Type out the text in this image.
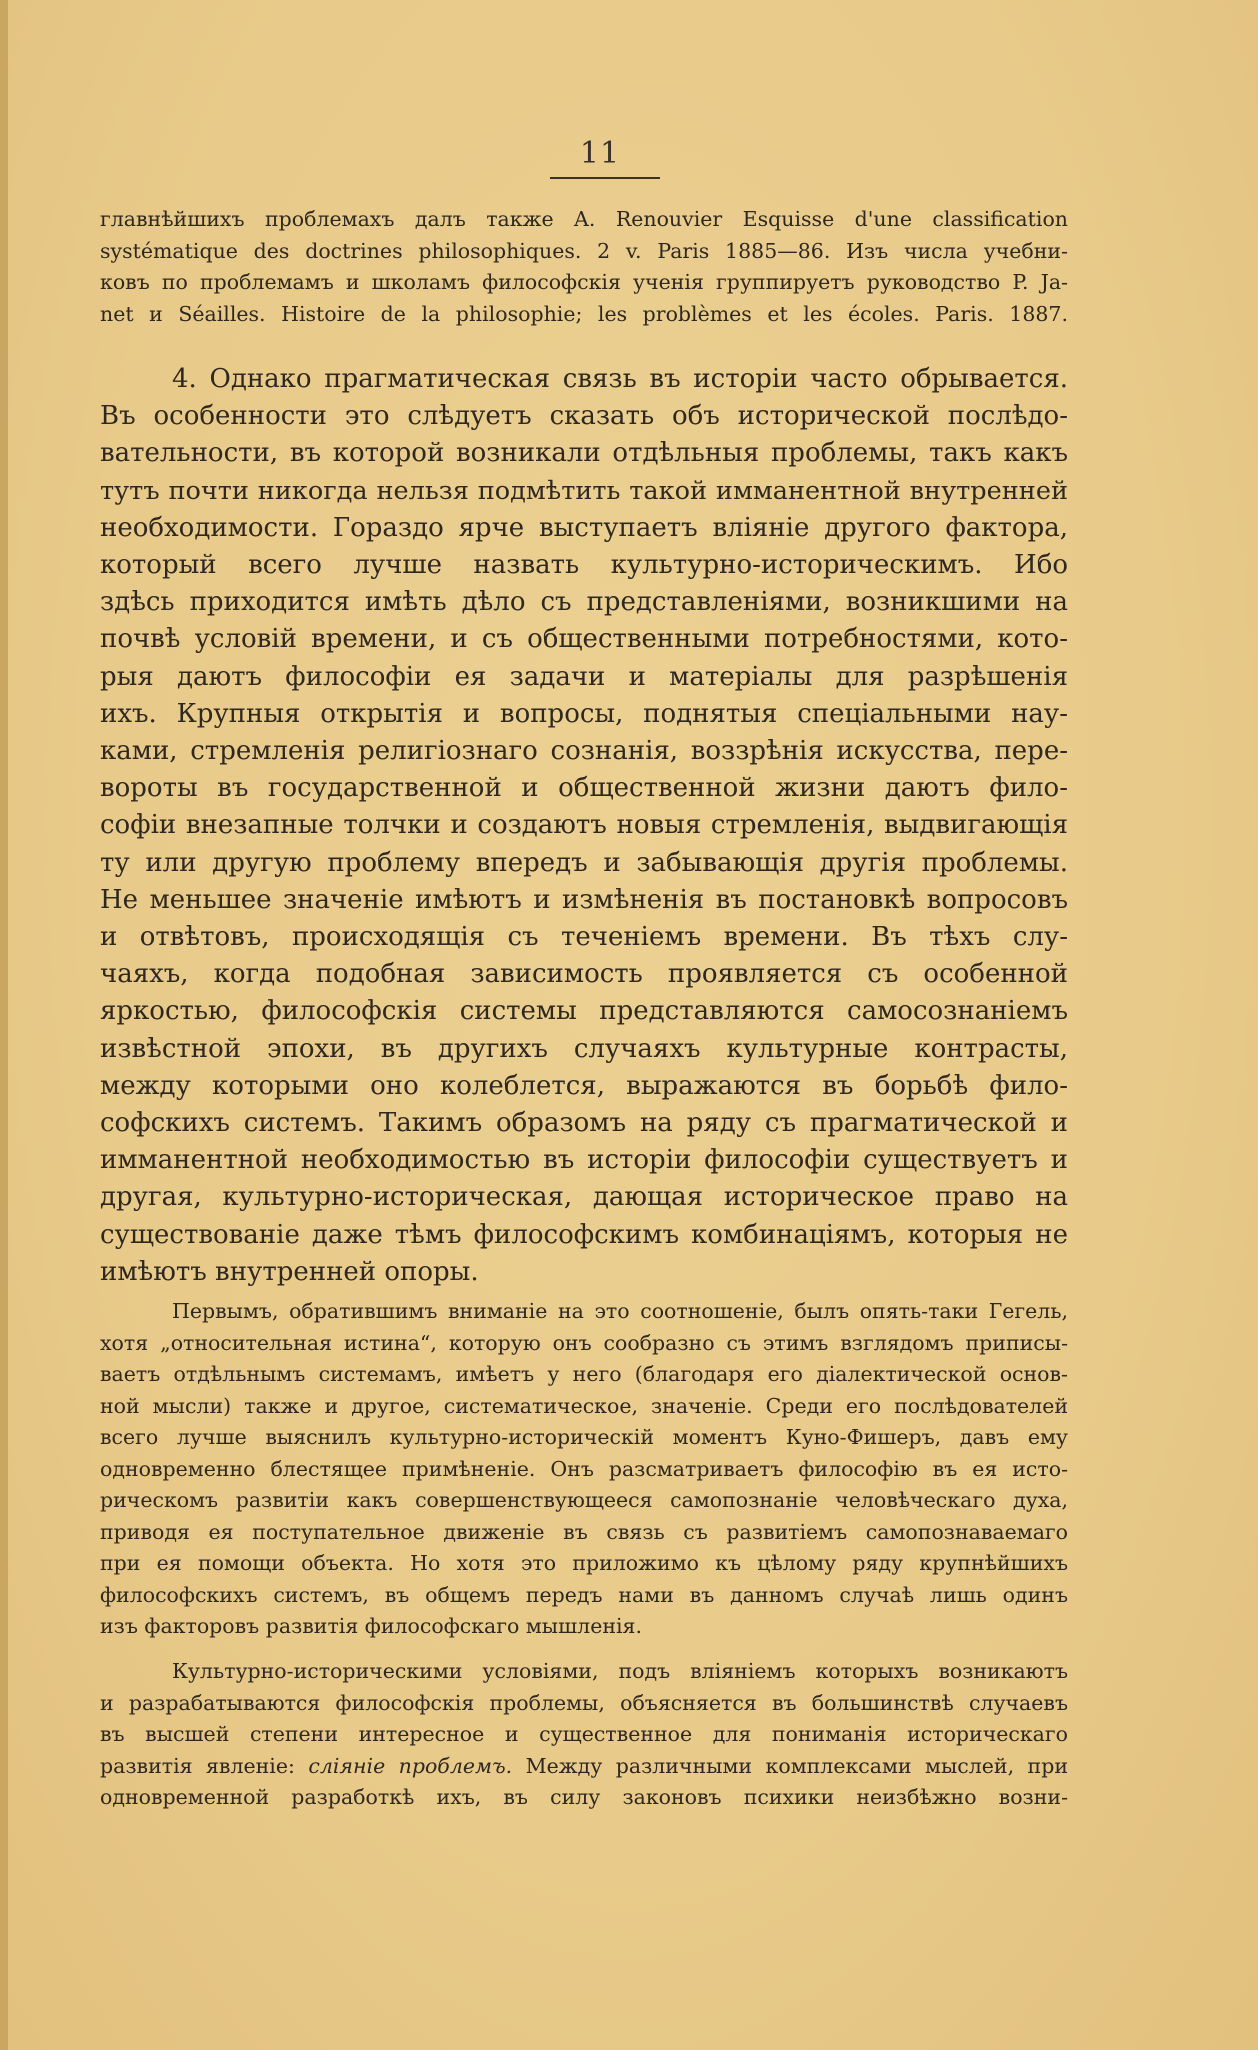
11
главнѣйшихъ проблемахъ далъ также A. Renouvier Esquisse d'une classification
systématique des doctrines philosophiques. 2 v. Paris 1885—86. Изъ числа учебни-
ковъ по проблемамъ и школамъ философскія ученія группируетъ руководство P. Ja-
net и Séailles. Histoire de la philosophie; les problèmes et les écoles. Paris. 1887.
4. Однако прагматическая связь въ исторіи часто обрывается.
Въ особенности это слѣдуетъ сказать объ исторической послѣдо-
вательности, въ которой возникали отдѣльныя проблемы, такъ какъ
тутъ почти никогда нельзя подмѣтить такой имманентной внутренней
необходимости. Гораздо ярче выступаетъ вліяніе другого фактора,
который всего лучше назвать культурно-историческимъ. Ибо
здѣсь приходится имѣть дѣло съ представленіями, возникшими на
почвѣ условій времени, и съ общественными потребностями, кото-
рыя даютъ философіи ея задачи и матеріалы для разрѣшенія
ихъ. Крупныя открытія и вопросы, поднятыя спеціальными нау-
ками, стремленія религіознаго сознанія, воззрѣнія искусства, пере-
вороты въ государственной и общественной жизни даютъ фило-
софіи внезапные толчки и создаютъ новыя стремленія, выдвигающія
ту или другую проблему впередъ и забывающія другія проблемы.
Не меньшее значеніе имѣютъ и измѣненія въ постановкѣ вопросовъ
и отвѣтовъ, происходящія съ теченіемъ времени. Въ тѣхъ слу-
чаяхъ, когда подобная зависимость проявляется съ особенной
яркостью, философскія системы представляются самосознаніемъ
извѣстной эпохи, въ другихъ случаяхъ культурные контрасты,
между которыми оно колеблется, выражаются въ борьбѣ фило-
софскихъ системъ. Такимъ образомъ на ряду съ прагматической и
имманентной необходимостью въ исторіи философіи существуетъ и
другая, культурно-историческая, дающая историческое право на
существованіе даже тѣмъ философскимъ комбинаціямъ, которыя не
имѣютъ внутренней опоры.
Первымъ, обратившимъ вниманіе на это соотношеніе, былъ опять-таки Гегель,
хотя „относительная истина“, которую онъ сообразно съ этимъ взглядомъ приписы-
ваетъ отдѣльнымъ системамъ, имѣетъ у него (благодаря его діалектической основ-
ной мысли) также и другое, систематическое, значеніе. Среди его послѣдователей
всего лучше выяснилъ культурно-историческій моментъ Куно-Фишеръ, давъ ему
одновременно блестящее примѣненіе. Онъ разсматриваетъ философію въ ея исто-
рическомъ развитіи какъ совершенствующееся самопознаніе человѣческаго духа,
приводя ея поступательное движеніе въ связь съ развитіемъ самопознаваемаго
при ея помощи объекта. Но хотя это приложимо къ цѣлому ряду крупнѣйшихъ
философскихъ системъ, въ общемъ передъ нами въ данномъ случаѣ лишь одинъ
изъ факторовъ развитія философскаго мышленія.
Культурно-историческими условіями, подъ вліяніемъ которыхъ возникаютъ
и разрабатываются философскія проблемы, объясняется въ большинствѣ случаевъ
въ высшей степени интересное и существенное для пониманія историческаго
развитія явленіе: сліяніе проблемъ. Между различными комплексами мыслей, при
одновременной разработкѣ ихъ, въ силу законовъ психики неизбѣжно возни-
